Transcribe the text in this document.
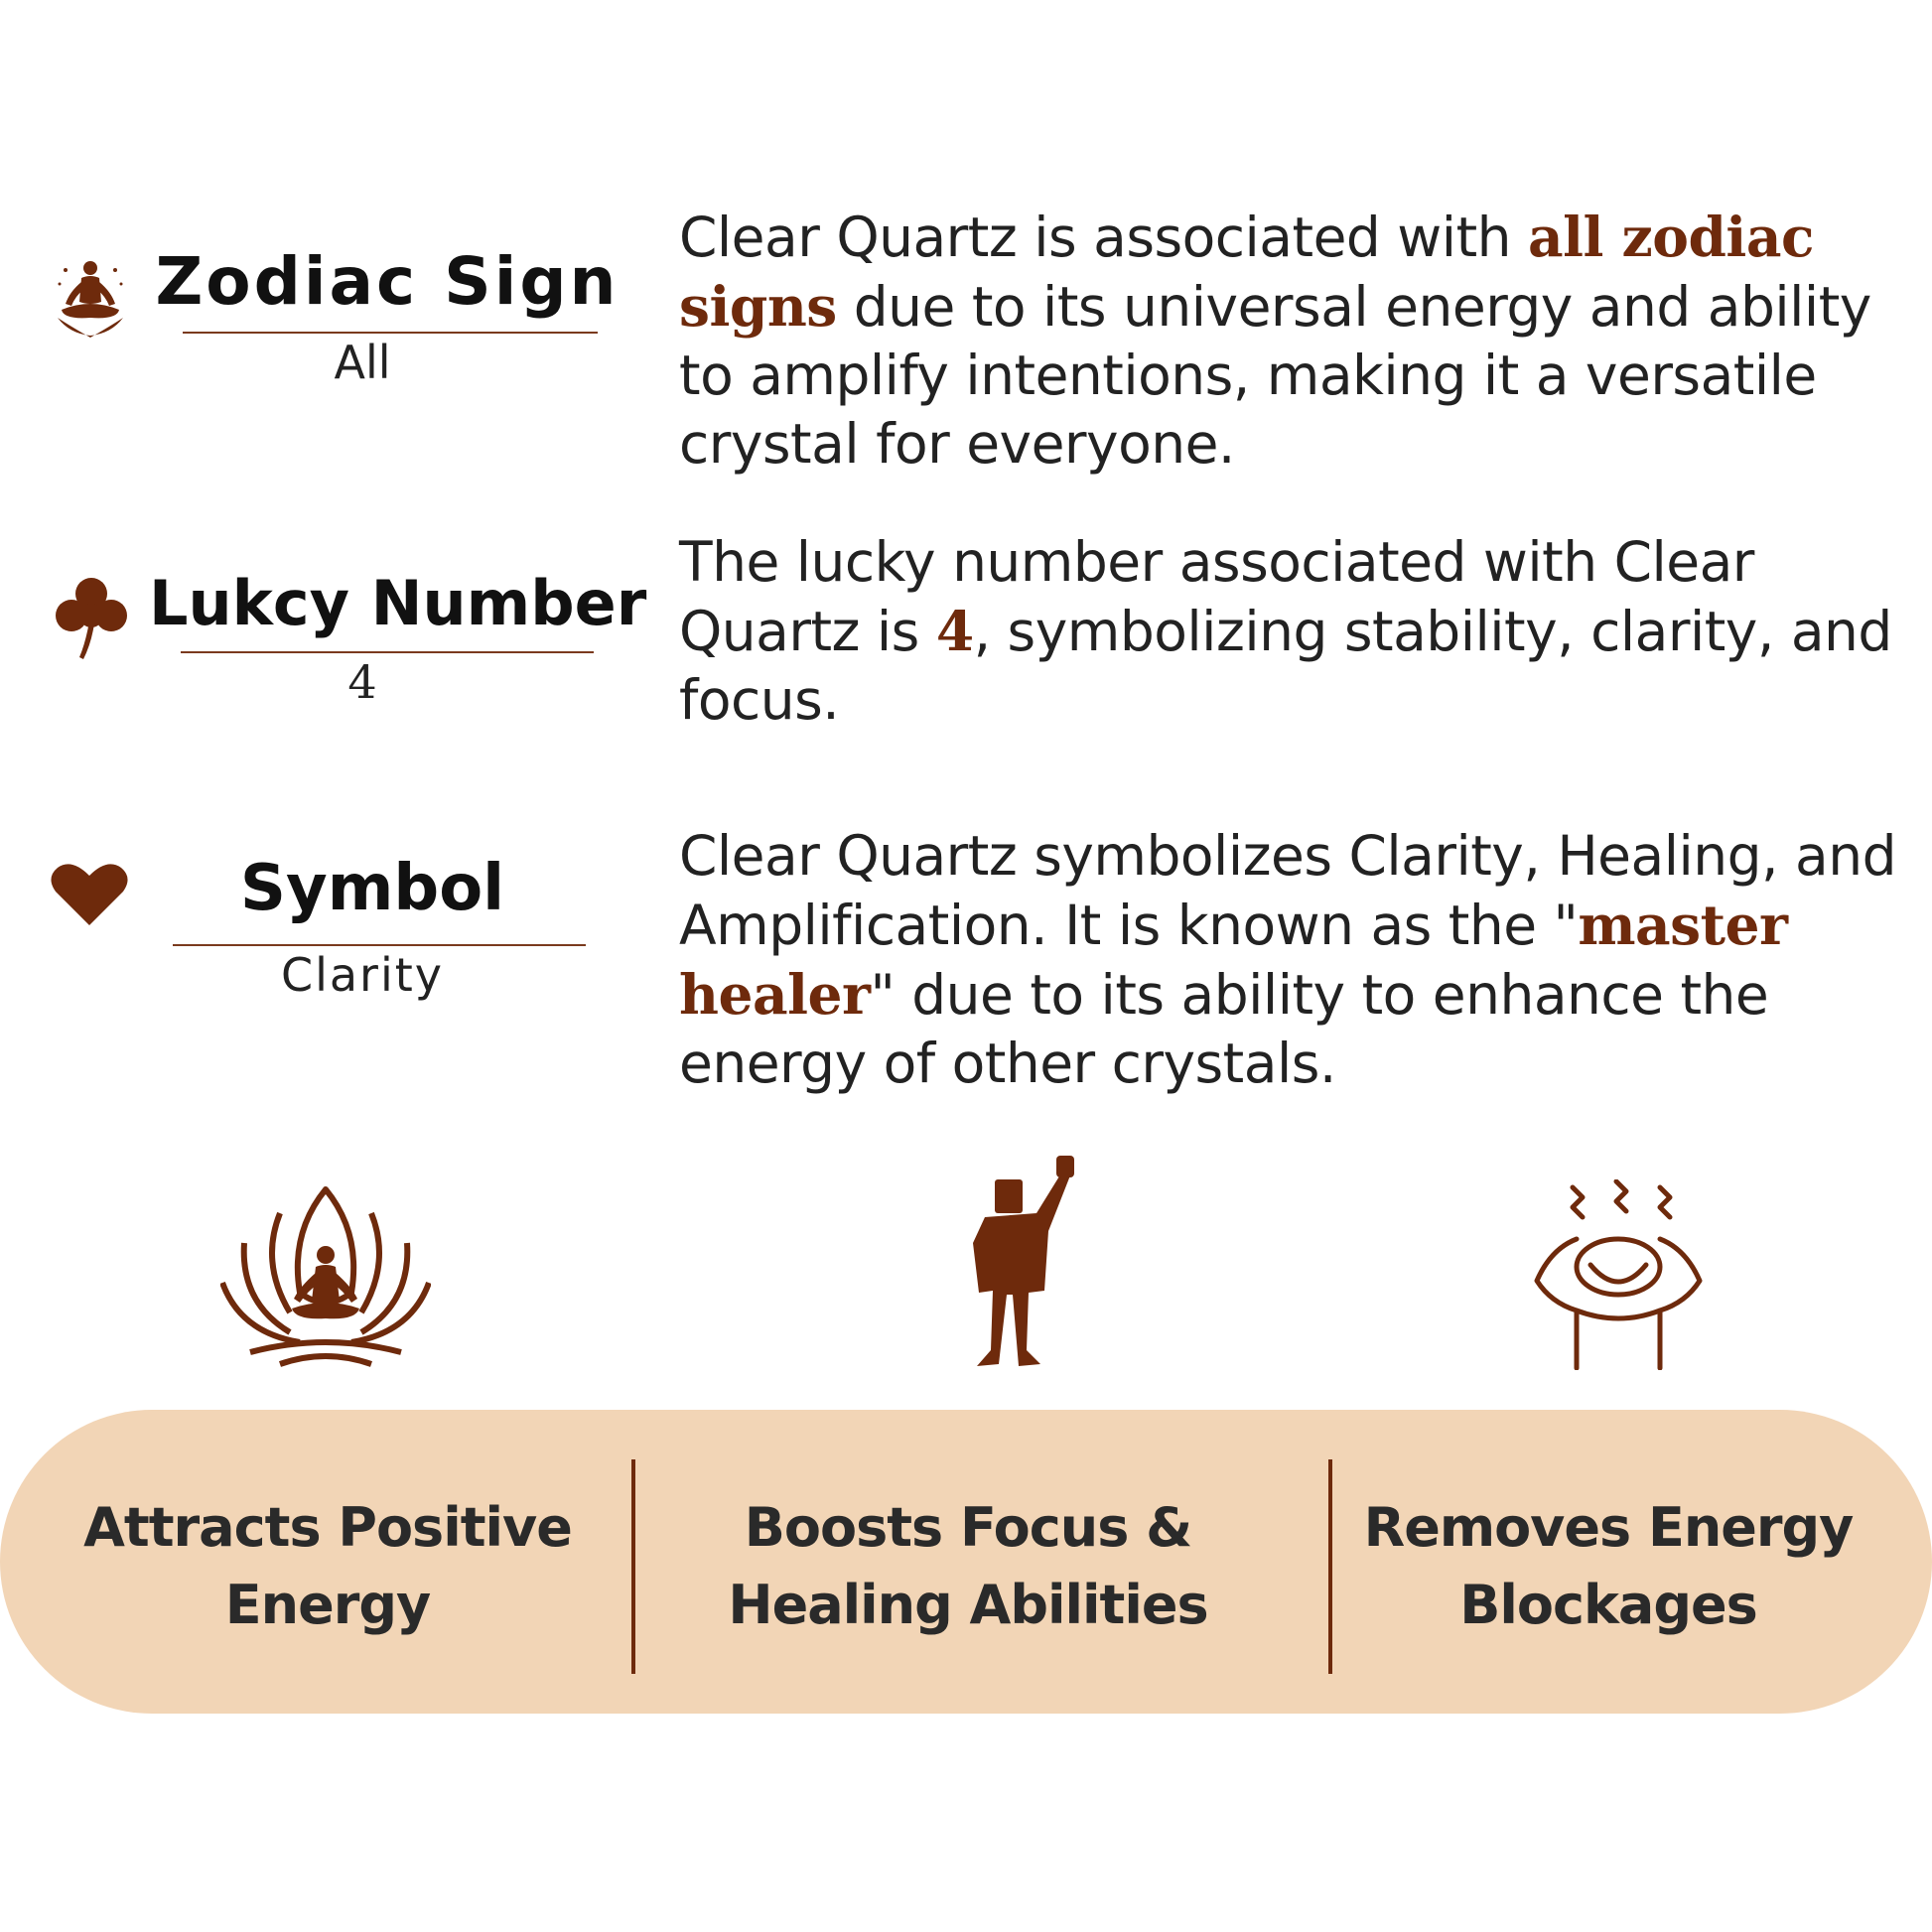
Zodiac Sign
All
Clear Quartz is associated with all zodiac signs due to its universal energy and ability to amplify intentions, making it a versatile crystal for everyone.
Lukcy Number
4
The lucky number associated with Clear Quartz is 4, symbolizing stability, clarity, and focus.
Symbol
Clarity
Clear Quartz symbolizes Clarity, Healing, and Amplification. It is known as the "master healer" due to its ability to enhance the energy of other crystals.
Attracts Positive
Energy
Boosts Focus &
Healing Abilities
Removes Energy
Blockages
